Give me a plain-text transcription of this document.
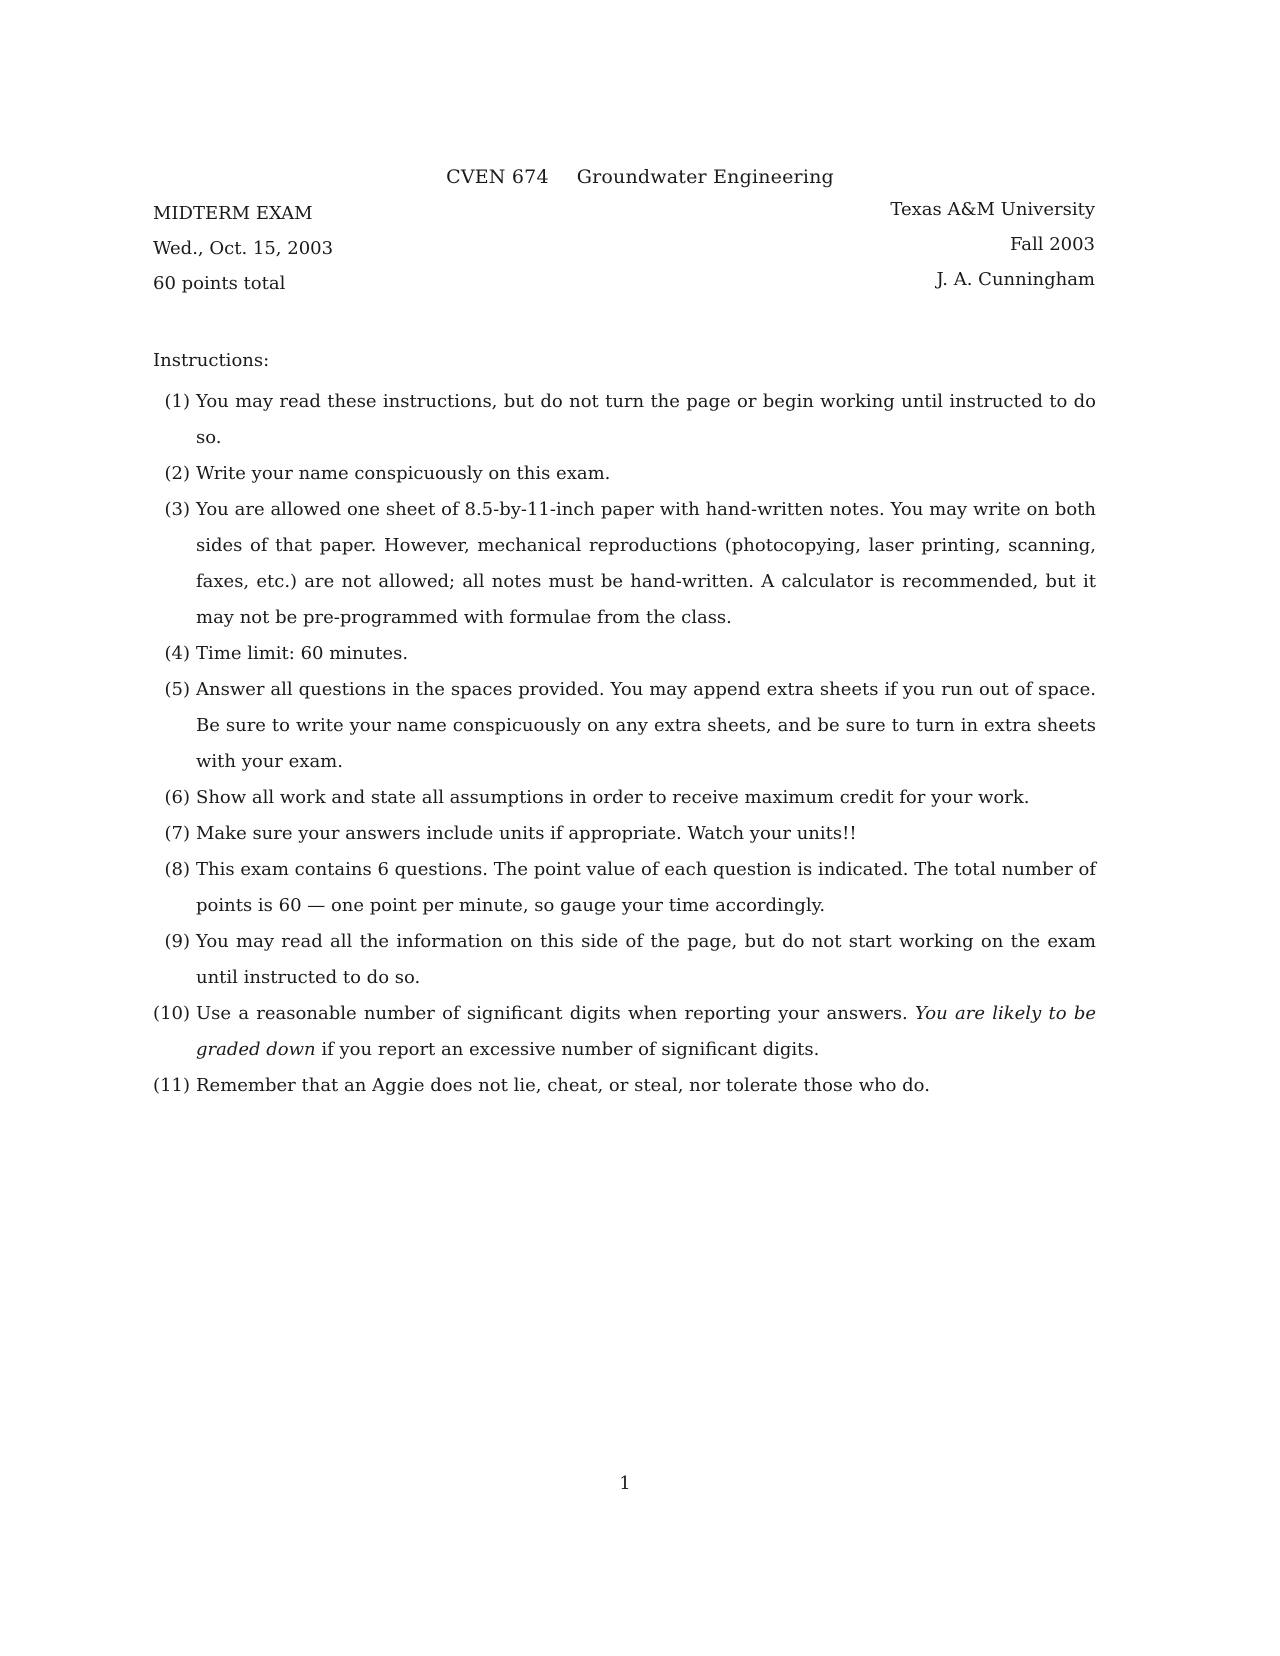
CVEN 674 Groundwater Engineering
MIDTERM EXAM
Wed., Oct. 15, 2003
60 points total
Texas A&M University
Fall 2003
J. A. Cunningham
Instructions:
(1) You may read these instructions, but do not turn the page or begin working until instructed to do so.
(2) Write your name conspicuously on this exam.
(3) You are allowed one sheet of 8.5-by-11-inch paper with hand-written notes. You may write on both sides of that paper. However, mechanical reproductions (photocopying, laser printing, scanning, faxes, etc.) are not allowed; all notes must be hand-written. A calculator is recommended, but it may not be pre-programmed with formulae from the class.
(4) Time limit: 60 minutes.
(5) Answer all questions in the spaces provided. You may append extra sheets if you run out of space. Be sure to write your name conspicuously on any extra sheets, and be sure to turn in extra sheets with your exam.
(6) Show all work and state all assumptions in order to receive maximum credit for your work.
(7) Make sure your answers include units if appropriate. Watch your units!!
(8) This exam contains 6 questions. The point value of each question is indicated. The total number of points is 60 — one point per minute, so gauge your time accordingly.
(9) You may read all the information on this side of the page, but do not start working on the exam until instructed to do so.
(10) Use a reasonable number of significant digits when reporting your answers. You are likely to be graded down if you report an excessive number of significant digits.
(11) Remember that an Aggie does not lie, cheat, or steal, nor tolerate those who do.
1
